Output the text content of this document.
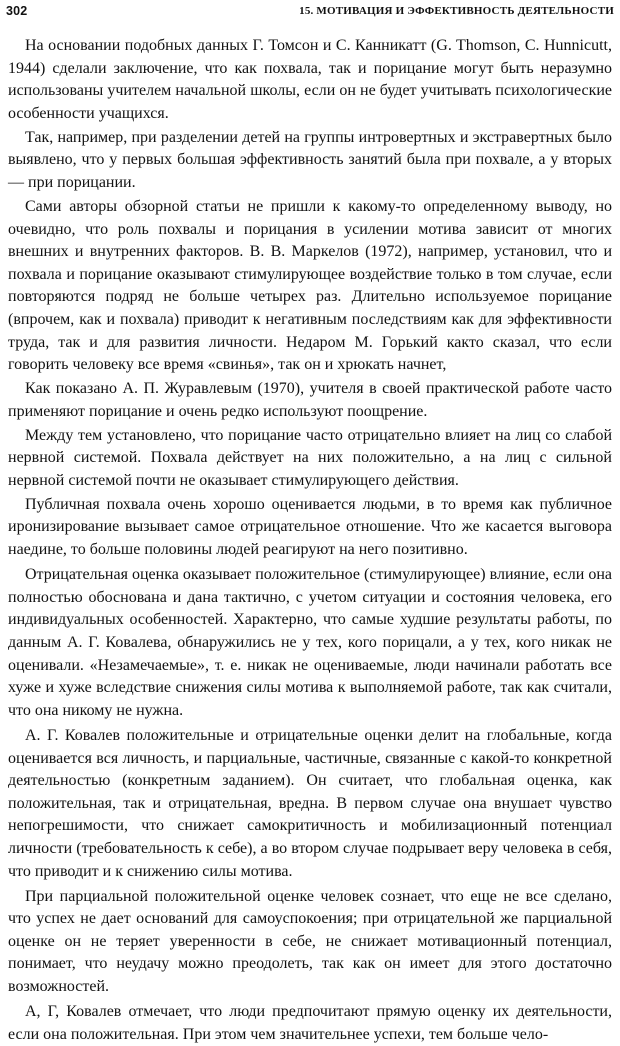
302	15. МОТИВАЦИЯ И ЭФФЕКТИВНОСТЬ ДЕЯТЕЛЬНОСТИ

На основании подобных данных Г. Томсон и С. Канникатт (G. Thomson, С. Hunnicutt, 1944) сделали заключение, что как похвала, так и порицание могут быть неразумно использованы учителем начальной школы, если он не будет учитывать психологические особенности учащихся.

Так, например, при разделении детей на группы интровертных и экстравертных было выявлено, что у первых большая эффективность занятий была при похвале, а у вторых — при порицании.

Сами авторы обзорной статьи не пришли к какому-то определенному выводу, но очевидно, что роль похвалы и порицания в усилении мотива зависит от многих внешних и внутренних факторов. В. В. Маркелов (1972), например, установил, что и похвала и порицание оказывают стимулирующее воздействие только в том случае, если повторяются подряд не больше четырех раз. Длительно используемое порицание (впрочем, как и похвала) приводит к негативным последствиям как для эффективности труда, так и для развития личности. Недаром М. Горький както сказал, что если говорить человеку все время «свинья», так он и хрюкать начнет,

Как показано А. П. Журавлевым (1970), учителя в своей практической работе часто применяют порицание и очень редко используют поощрение.

Между тем установлено, что порицание часто отрицательно влияет на лиц со слабой нервной системой. Похвала действует на них положительно, а на лиц с сильной нервной системой почти не оказывает стимулирующего действия.

Публичная похвала очень хорошо оценивается людьми, в то время как публичное иронизирование вызывает самое отрицательное отношение. Что же касается выговора наедине, то больше половины людей реагируют на него позитивно.

Отрицательная оценка оказывает положительное (стимулирующее) влияние, если она полностью обоснована и дана тактично, с учетом ситуации и состояния человека, его индивидуальных особенностей. Характерно, что самые худшие результаты работы, по данным А. Г. Ковалева, обнаружились не у тех, кого порицали, а у тех, кого никак не оценивали. «Незамечаемые», т. е. никак не оцениваемые, люди начинали работать все хуже и хуже вследствие снижения силы мотива к выполняемой работе, так как считали, что она никому не нужна.

А. Г. Ковалев положительные и отрицательные оценки делит на глобальные, когда оценивается вся личность, и парциальные, частичные, связанные с какой-то конкретной деятельностью (конкретным заданием). Он считает, что глобальная оценка, как положительная, так и отрицательная, вредна. В первом случае она внушает чувство непогрешимости, что снижает самокритичность и мобилизационный потенциал личности (требовательность к себе), а во втором случае подрывает веру человека в себя, что приводит и к снижению силы мотива.

При парциальной положительной оценке человек сознает, что еще не все сделано, что успех не дает оснований для самоуспокоения; при отрицательной же парциальной оценке он не теряет уверенности в себе, не снижает мотивационный потенциал, понимает, что неудачу можно преодолеть, так как он имеет для этого достаточно возможностей.

А, Г, Ковалев отмечает, что люди предпочитают прямую оценку их деятельности, если она положительная. При этом чем значительнее успехи, тем больше чело-
